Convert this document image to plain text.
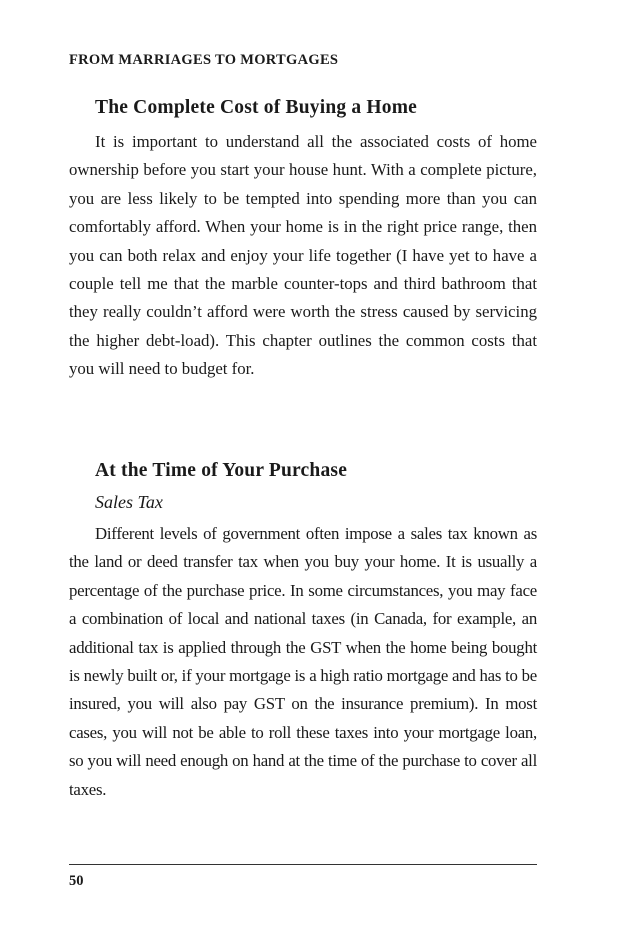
FROM MARRIAGES TO MORTGAGES
The Complete Cost of Buying a Home

It is important to understand all the associated costs of home ownership before you start your house hunt. With a complete picture, you are less likely to be tempted into spending more than you can comfortably afford. When your home is in the right price range, then you can both relax and enjoy your life together (I have yet to have a couple tell me that the marble counter-tops and third bathroom that they really couldn’t afford were worth the stress caused by servicing the higher debt-load). This chapter outlines the common costs that you will need to budget for.

At the Time of Your Purchase
Sales Tax

Different levels of government often impose a sales tax known as the land or deed transfer tax when you buy your home. It is usually a percentage of the purchase price. In some circumstances, you may face a combination of local and national taxes (in Canada, for example, an additional tax is applied through the GST when the home being bought is newly built or, if your mortgage is a high ratio mortgage and has to be insured, you will also pay GST on the insurance premium). In most cases, you will not be able to roll these taxes into your mortgage loan, so you will need enough on hand at the time of the purchase to cover all taxes.

50
